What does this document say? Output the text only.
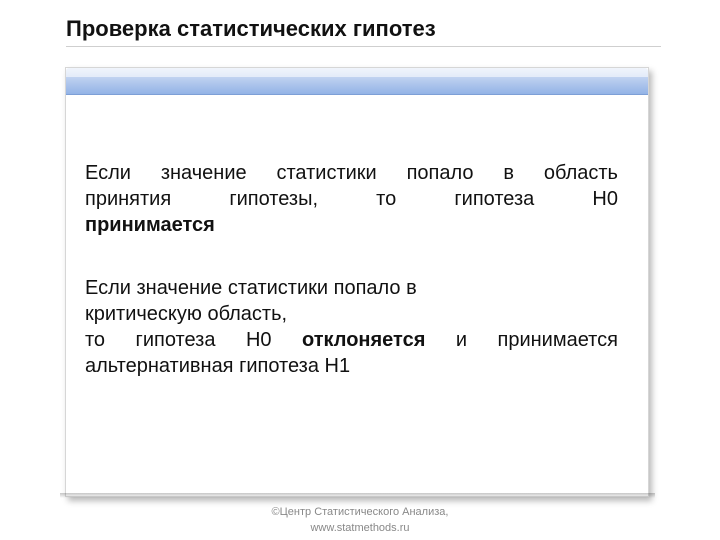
Проверка статистических гипотез
Если значение статистики попало в область
принятия	гипотезы,	то	гипотеза	H0
принимается
Если значение статистики попало в
критическую область,
то гипотеза H0 отклоняется и принимается
альтернативная гипотеза H1
©Центр Статистического Анализа,
www.statmethods.ru
